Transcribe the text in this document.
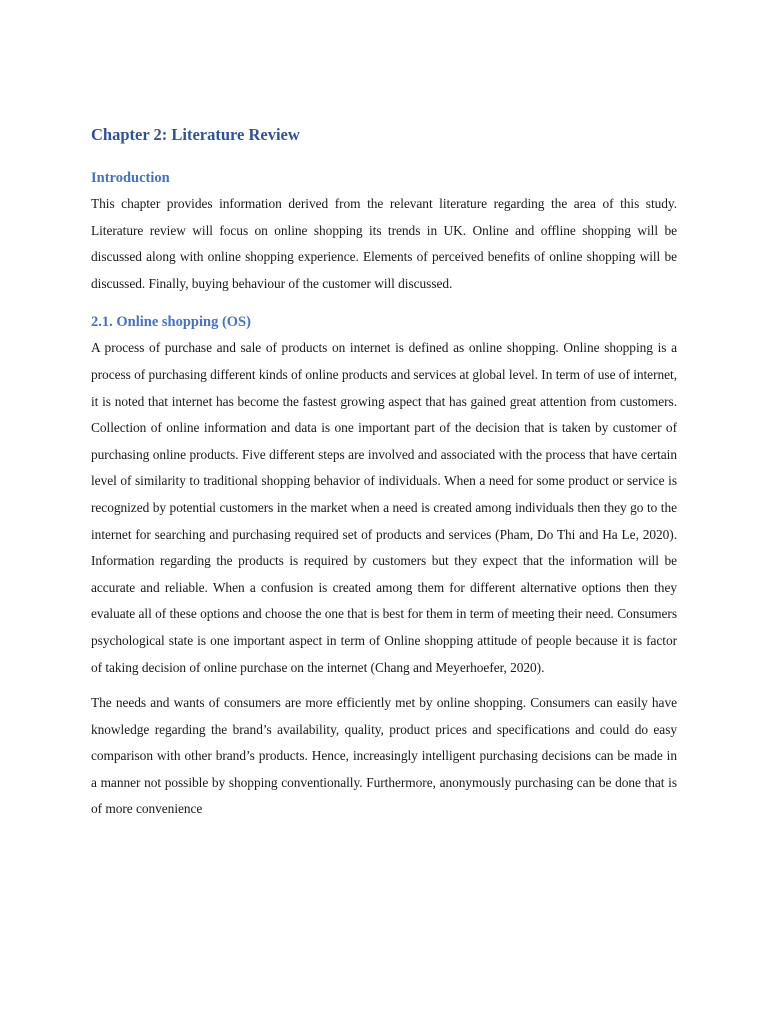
Chapter 2: Literature Review
Introduction

This chapter provides information derived from the relevant literature regarding the area of this study. Literature review will focus on online shopping its trends in UK. Online and offline shopping will be discussed along with online shopping experience. Elements of perceived benefits of online shopping will be discussed. Finally, buying behaviour of the customer will discussed.

2.1. Online shopping (OS)

A process of purchase and sale of products on internet is defined as online shopping. Online shopping is a process of purchasing different kinds of online products and services at global level. In term of use of internet, it is noted that internet has become the fastest growing aspect that has gained great attention from customers. Collection of online information and data is one important part of the decision that is taken by customer of purchasing online products. Five different steps are involved and associated with the process that have certain level of similarity to traditional shopping behavior of individuals. When a need for some product or service is recognized by potential customers in the market when a need is created among individuals then they go to the internet for searching and purchasing required set of products and services (Pham, Do Thi and Ha Le, 2020). Information regarding the products is required by customers but they expect that the information will be accurate and reliable. When a confusion is created among them for different alternative options then they evaluate all of these options and choose the one that is best for them in term of meeting their need. Consumers psychological state is one important aspect in term of Online shopping attitude of people because it is factor of taking decision of online purchase on the internet (Chang and Meyerhoefer, 2020).

The needs and wants of consumers are more efficiently met by online shopping. Consumers can easily have knowledge regarding the brand’s availability, quality, product prices and specifications and could do easy comparison with other brand’s products. Hence, increasingly intelligent purchasing decisions can be made in a manner not possible by shopping conventionally. Furthermore, anonymously purchasing can be done that is of more convenience
